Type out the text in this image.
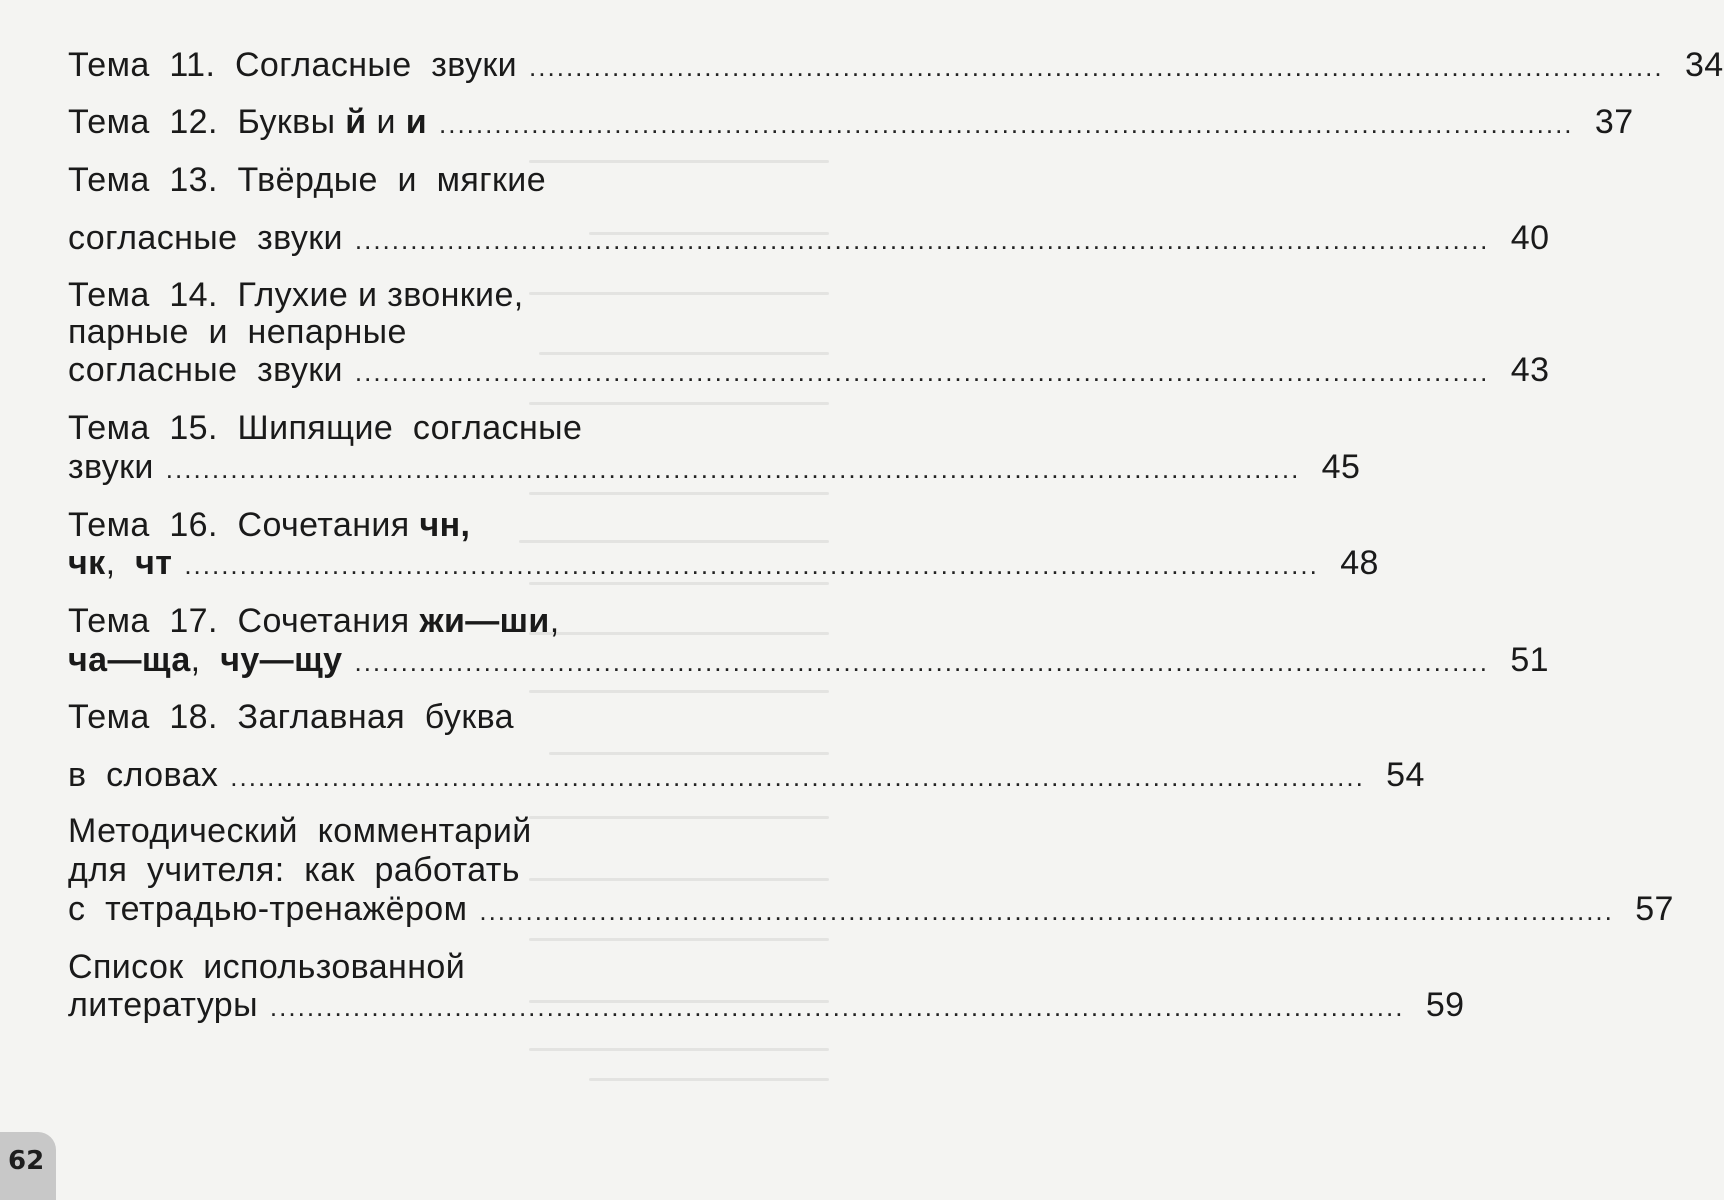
Тема  11.  Согласные  звуки ........................................................................................................................... 34
Тема  12.  Буквы й и и ........................................................................................................................... 37
Тема  13.  Твёрдые  и  мягкие
согласные  звуки ........................................................................................................................... 40
Тема  14.  Глухие и звонкие,
парные  и  непарные
согласные  звуки ........................................................................................................................... 43
Тема  15.  Шипящие  согласные
звуки ........................................................................................................................... 45
Тема  16.  Сочетания чн,
чк , чт ........................................................................................................................... 48
Тема  17.  Сочетания жи—ши ,
ча—ща , чу—щу ........................................................................................................................... 51
Тема  18.  Заглавная  буква
в  словах ........................................................................................................................... 54
Методический  комментарий
для  учителя:  как  работать
с  тетрадью-тренажёром ........................................................................................................................... 57
Список  использованной
литературы ........................................................................................................................... 59
62
